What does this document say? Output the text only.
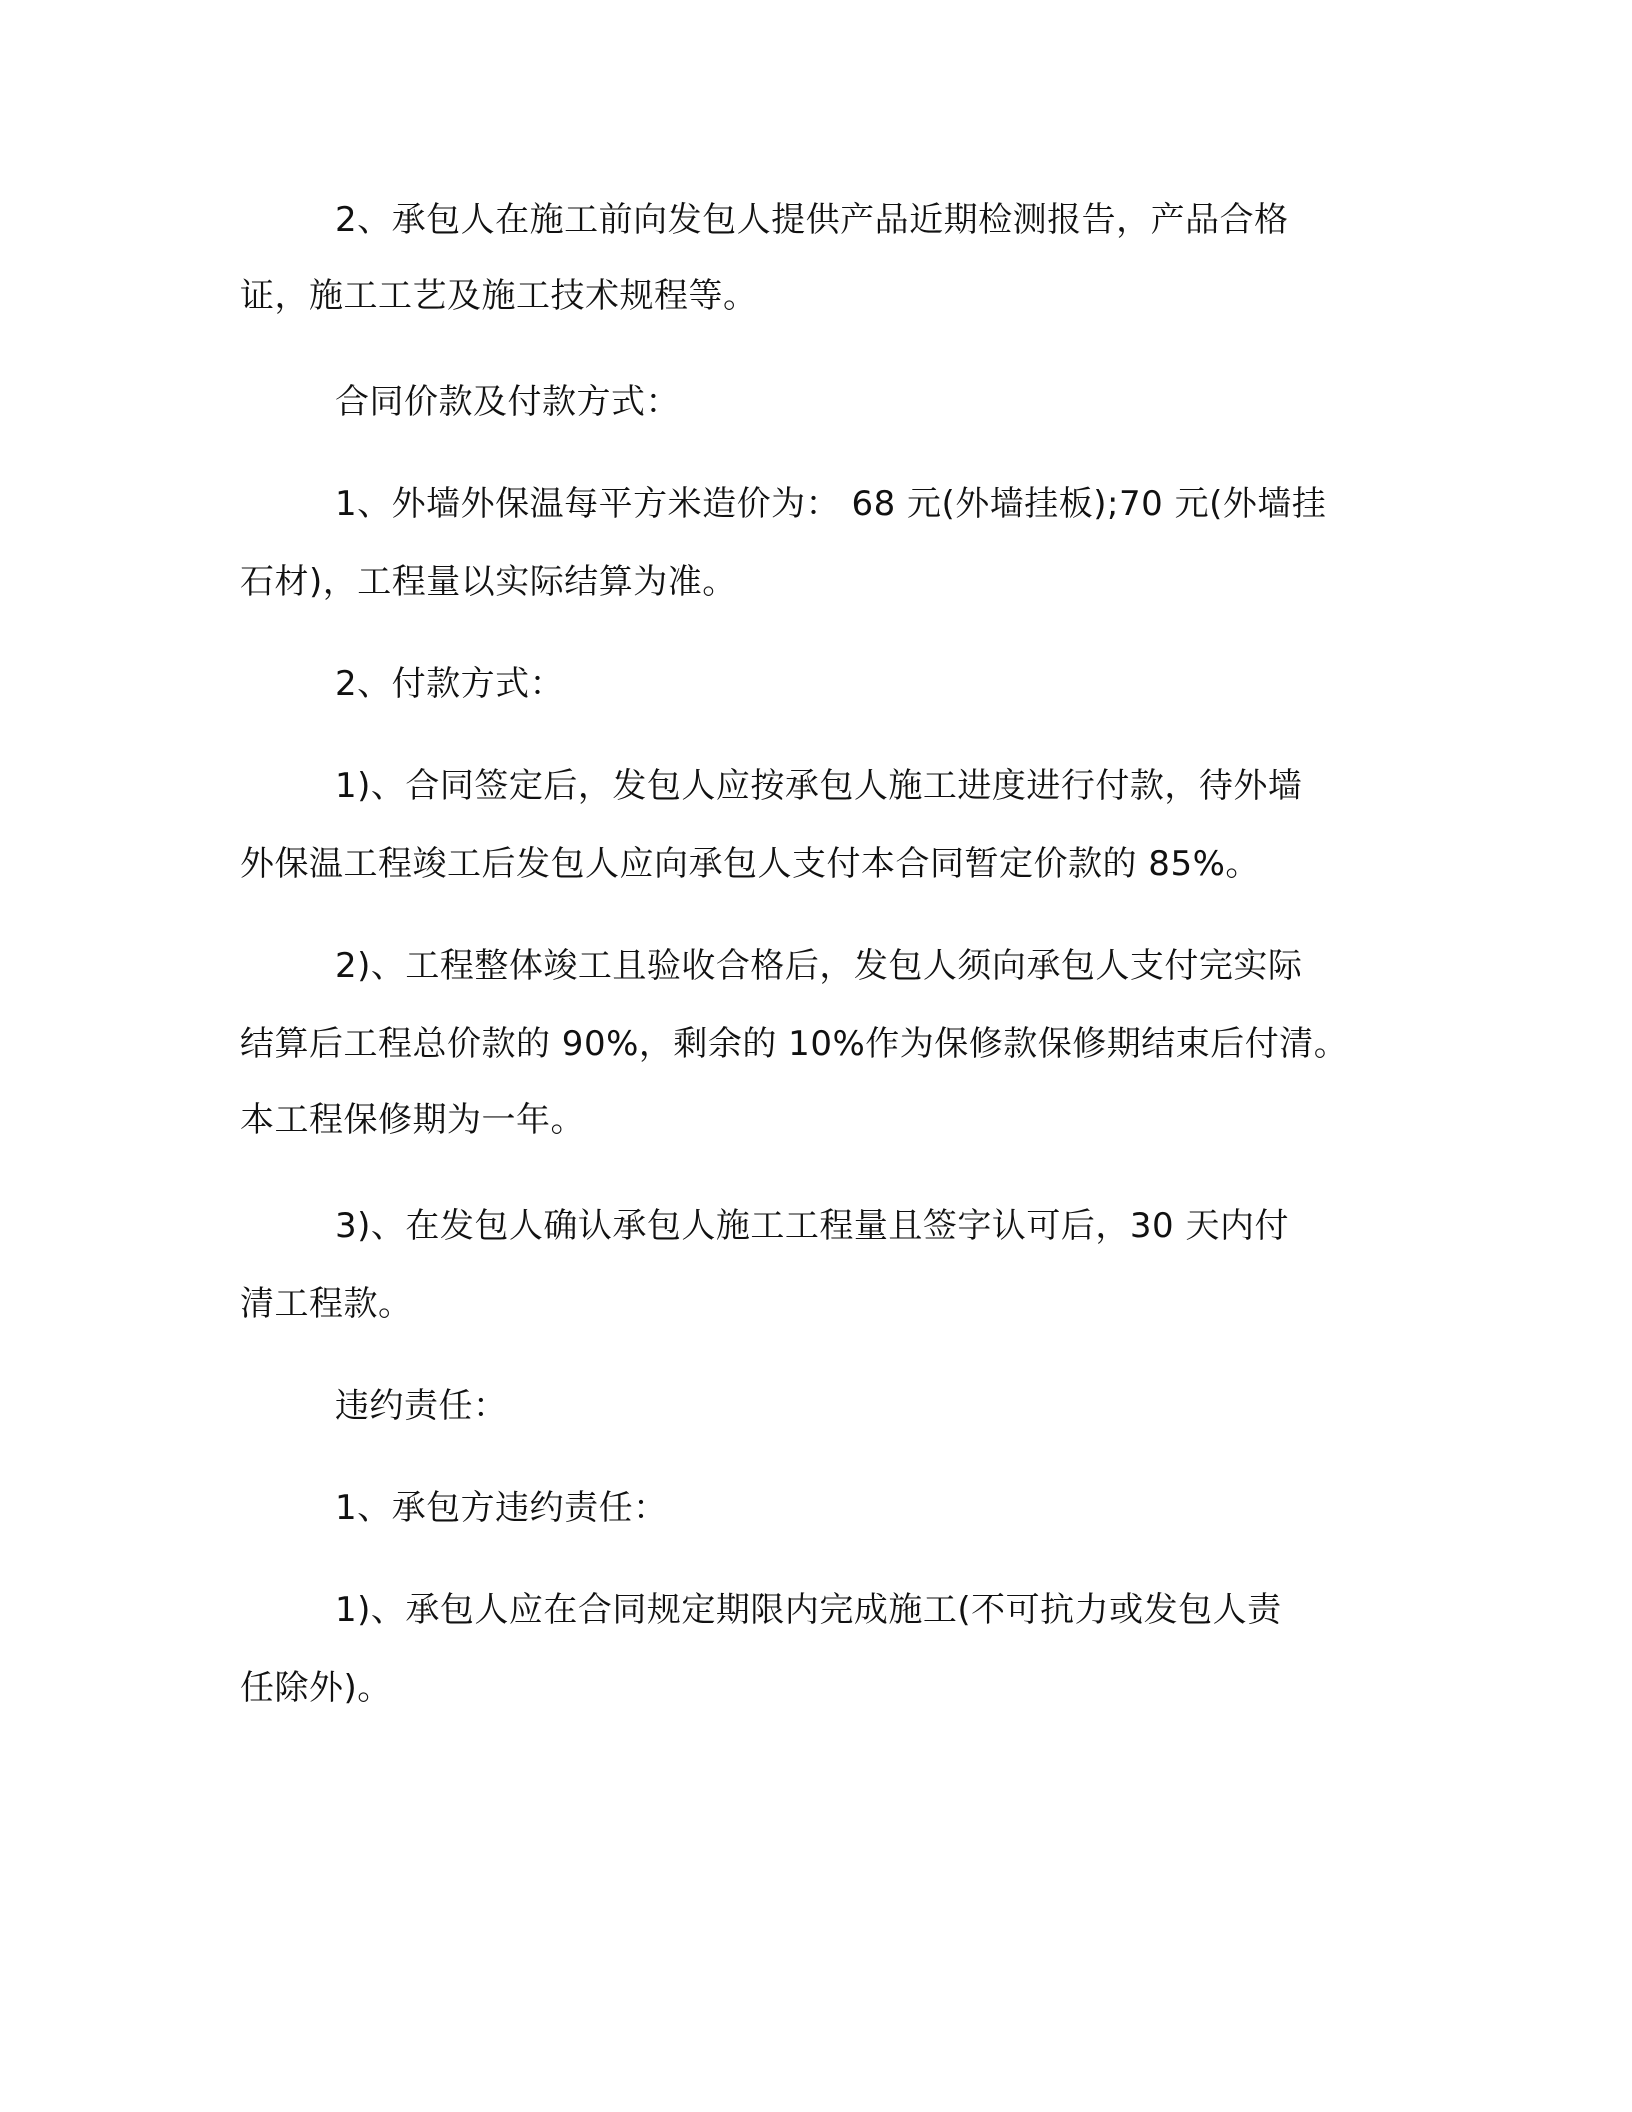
2、承包人在施工前向发包人提供产品近期检测报告，产品合格
证，施工工艺及施工技术规程等。
合同价款及付款方式：
1、外墙外保温每平方米造价为： 68 元(外墙挂板);70 元(外墙挂
石材)，工程量以实际结算为准。
2、付款方式：
1)、合同签定后，发包人应按承包人施工进度进行付款，待外墙
外保温工程竣工后发包人应向承包人支付本合同暂定价款的 85%。
2)、工程整体竣工且验收合格后，发包人须向承包人支付完实际
结算后工程总价款的 90%，剩余的 10%作为保修款保修期结束后付清。
本工程保修期为一年。
3)、在发包人确认承包人施工工程量且签字认可后，30 天内付
清工程款。
违约责任：
1、承包方违约责任：
1)、承包人应在合同规定期限内完成施工(不可抗力或发包人责
任除外)。
